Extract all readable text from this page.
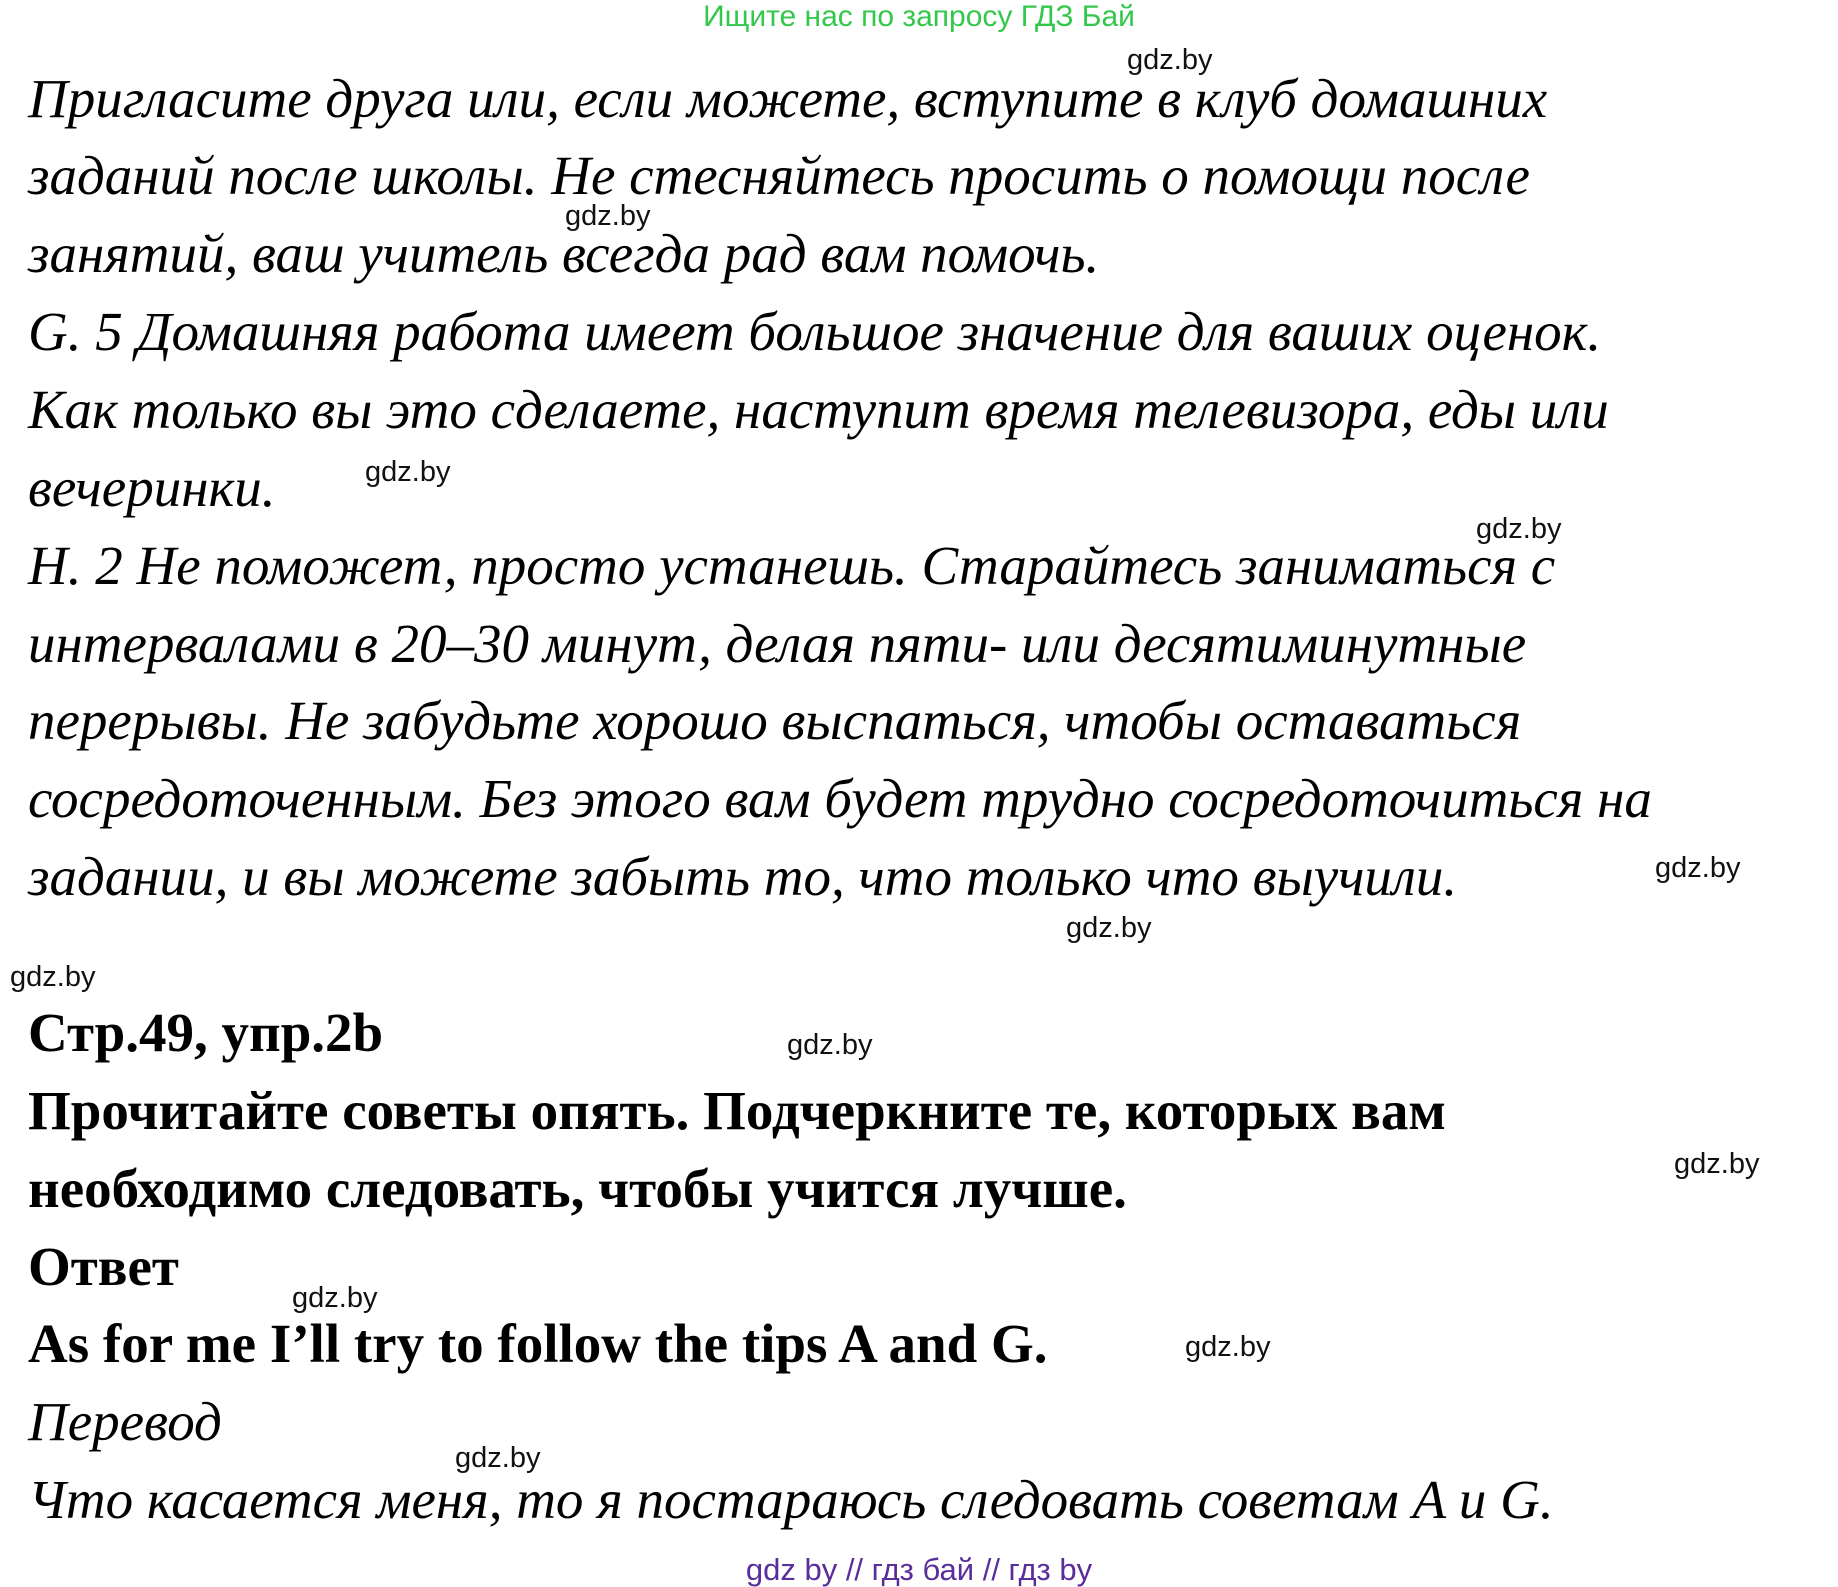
Ищите нас по запросу ГДЗ Бай
gdz.by
gdz.by
gdz.by
gdz.by
gdz.by
gdz.by
gdz.by
gdz.by
gdz.by
gdz.by
gdz.by
gdz.by
Пригласите друга или, если можете, вступите в клуб домашних
заданий после школы. Не стесняйтесь просить о помощи после
занятий, ваш учитель всегда рад вам помочь.
G. 5 Домашняя работа имеет большое значение для ваших оценок.
Как только вы это сделаете, наступит время телевизора, еды или
вечеринки.
H. 2 Не поможет, просто устанешь. Старайтесь заниматься с
интервалами в 20–30 минут, делая пяти- или десятиминутные
перерывы. Не забудьте хорошо выспаться, чтобы оставаться
сосредоточенным. Без этого вам будет трудно сосредоточиться на
задании, и вы можете забыть то, что только что выучили.
Стр.49, упр.2b
Прочитайте советы опять. Подчеркните те, которых вам
необходимо следовать, чтобы учится лучше.
Ответ
As for me I’ll try to follow the tips A and G.
Перевод
Что касается меня, то я постараюсь следовать советам A и G.
gdz by // гдз бай // гдз by
